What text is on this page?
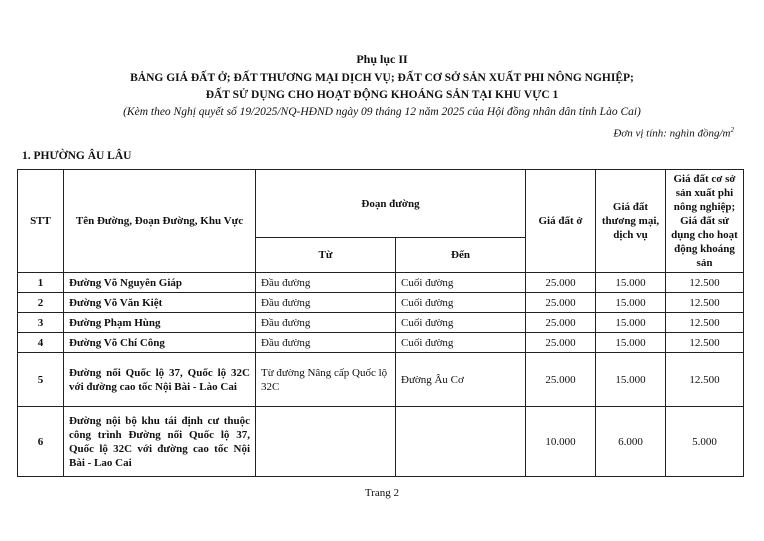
Phụ lục II
BẢNG GIÁ ĐẤT Ở; ĐẤT THƯƠNG MẠI DỊCH VỤ; ĐẤT CƠ SỞ SẢN XUẤT PHI NÔNG NGHIỆP;
ĐẤT SỬ DỤNG CHO HOẠT ĐỘNG KHOÁNG SẢN TẠI KHU VỰC 1
(Kèm theo Nghị quyết số 19/2025/NQ-HĐND ngày 09 tháng 12 năm 2025 của Hội đồng nhân dân tỉnh Lào Cai)
Đơn vị tính: nghìn đồng/$m^2$
1. PHƯỜNG ÂU LÂU
STT	Tên Đường, Đoạn Đường, Khu Vực	Đoạn đường		Giá đất ở	Giá đất thương mại, dịch vụ	Giá đất cơ sở sản xuất phi nông nghiệp; Giá đất sử dụng cho hoạt động khoáng sản
		Từ	Đến			
1	Đường Võ Nguyên Giáp	Đầu đường	Cuối đường	25.000	15.000	12.500
2	Đường Võ Văn Kiệt	Đầu đường	Cuối đường	25.000	15.000	12.500
3	Đường Phạm Hùng	Đầu đường	Cuối đường	25.000	15.000	12.500
4	Đường Võ Chí Công	Đầu đường	Cuối đường	25.000	15.000	12.500
5	Đường nối Quốc lộ 37, Quốc lộ 32C với đường cao tốc Nội Bài - Lào Cai	Từ đường Nâng cấp Quốc lộ 32C	Đường Âu Cơ	25.000	15.000	12.500
6	Đường nội bộ khu tái định cư thuộc công trình Đường nối Quốc lộ 37, Quốc lộ 32C với đường cao tốc Nội Bài - Lao Cai			10.000	6.000	5.000
Trang 2
